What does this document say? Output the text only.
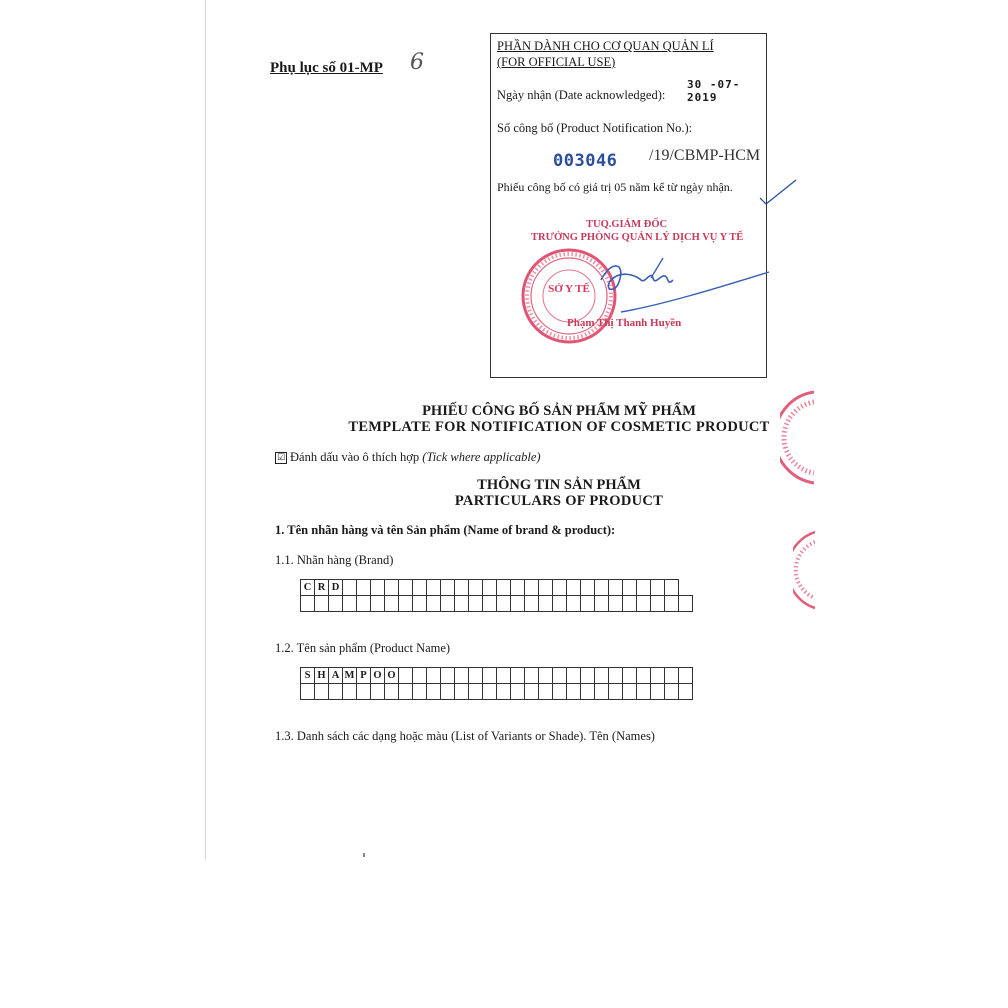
Phụ lục số 01-MP 6
PHẦN DÀNH CHO CƠ QUAN QUẢN LÍ
(FOR OFFICIAL USE)
Ngày nhận (Date acknowledged):
30 -07- 2019
Số công bố (Product Notification No.):
003046 /19/CBMP-HCM
Phiếu công bố có giá trị 05 năm kể từ ngày nhận.
SỞ Y TẾ
TUQ.GIÁM ĐỐC
TRƯỞNG PHÒNG QUẢN LÝ DỊCH VỤ Y TẾ
Phạm Thị Thanh Huyền
PHIẾU CÔNG BỐ SẢN PHẨM MỸ PHẨM
TEMPLATE FOR NOTIFICATION OF COSMETIC PRODUCT
☑ Đánh dấu vào ô thích hợp (Tick where applicable)
THÔNG TIN SẢN PHẨM
PARTICULARS OF PRODUCT
1. Tên nhãn hàng và tên Sản phẩm (Name of brand & product):
1.1. Nhãn hàng (Brand)
C	R	D																									

1.2. Tên sản phẩm (Product Name)
S	H	A	M	P	O	O																					

1.3. Danh sách các dạng hoặc màu (List of Variants or Shade). Tên (Names)
